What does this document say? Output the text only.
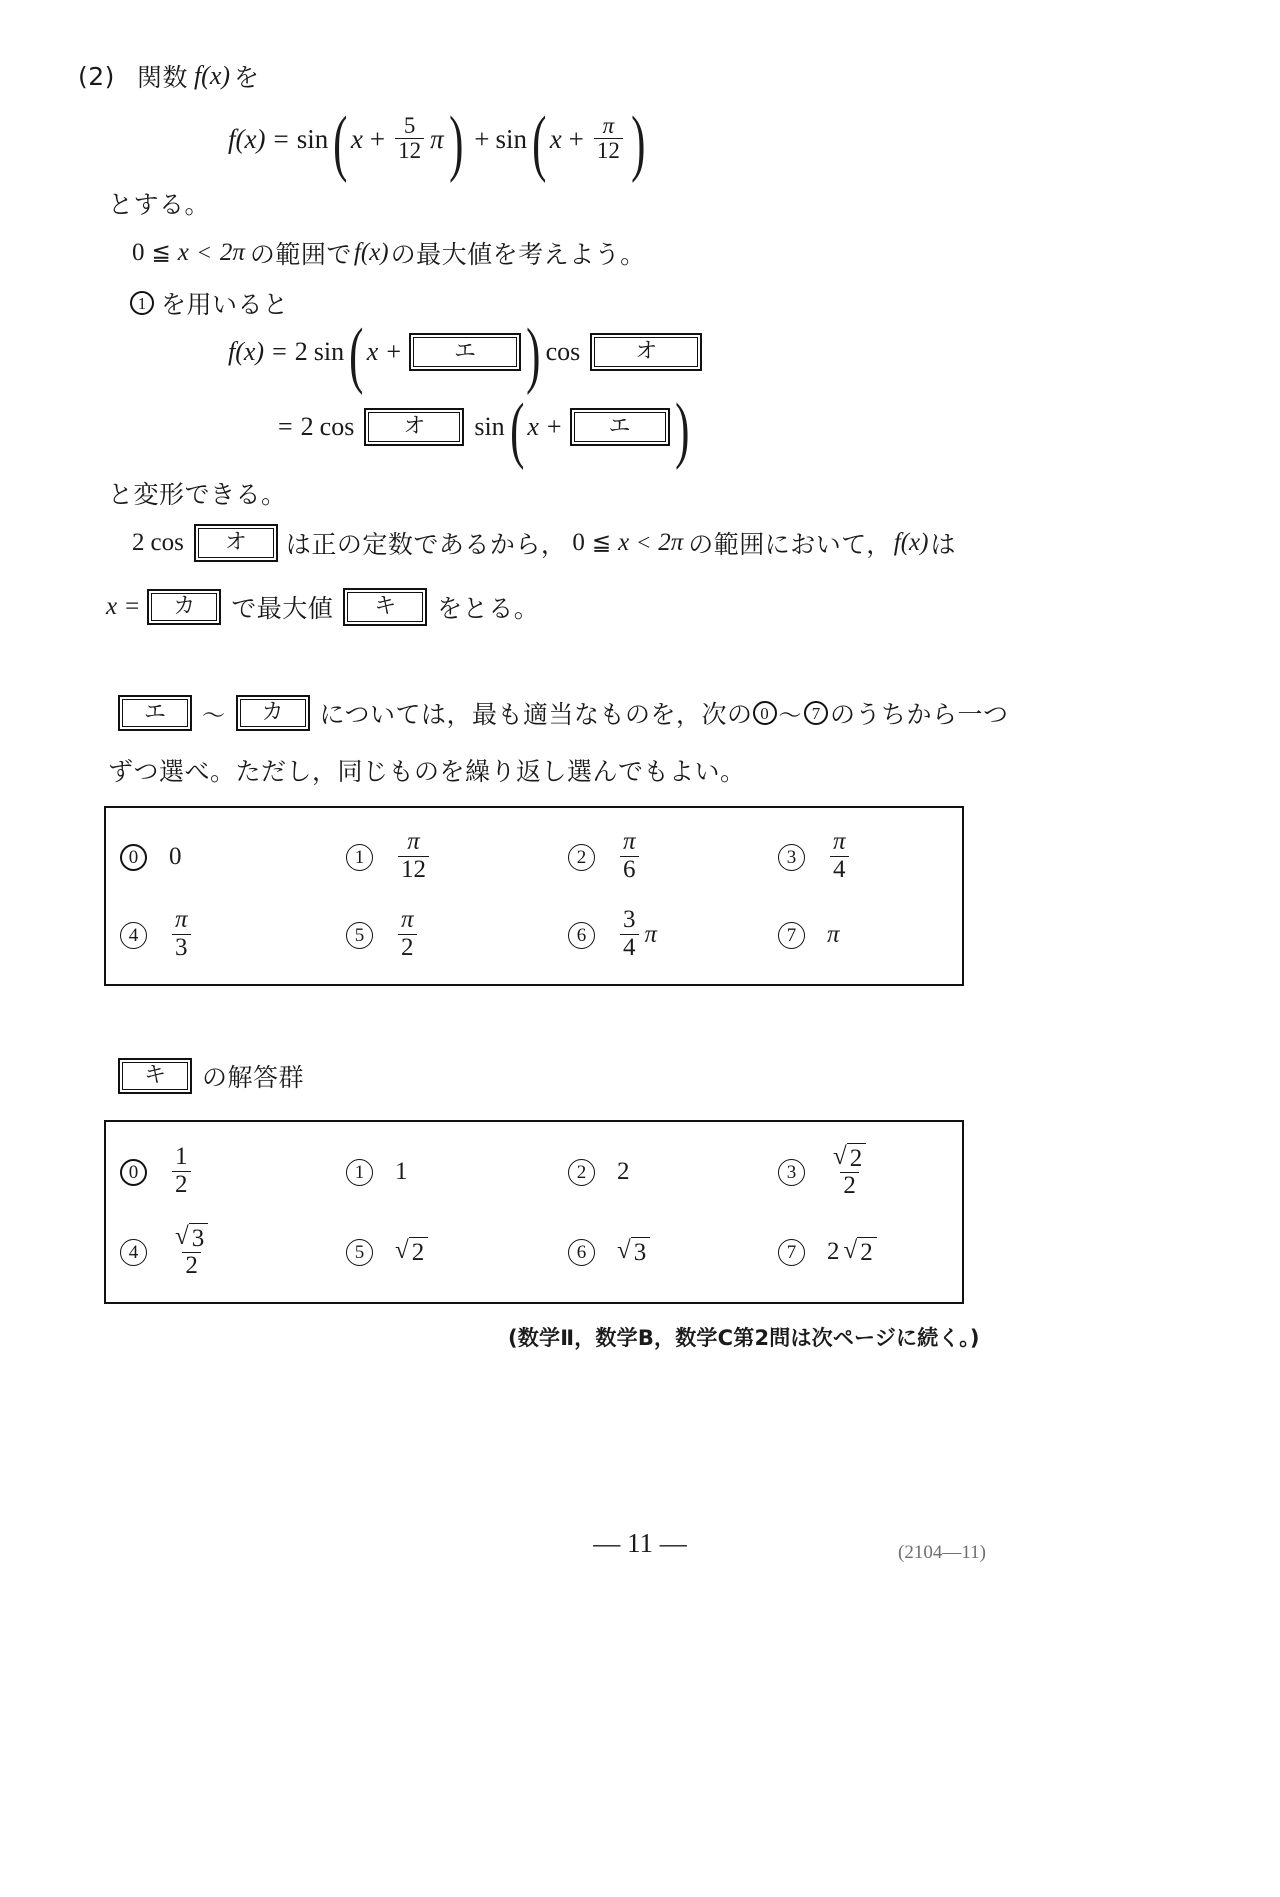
(2) 関数 f(x) を
f(x) = sin ( $x + \frac{5}{12}$ π ) + sin ( $x + \frac{\pi}{12}$ )
とする。
0 ≦ x < 2π の範囲で f(x) の最大値を考えよう。
1 を用いると
f(x) = 2 sin ( x +	エ ) cos	オ
= 2 cos	オ	sin ( x +	エ )
と変形できる。
2 cos	オ	は正の定数であるから， 0 ≦ x < 2π の範囲において， f(x) は
x =	カ	で最大値	キ	をとる。
エ	〜	カ	については，最も適当なものを，次の 0 〜 7 のうちから一つ
ずつ選べ。ただし，同じものを繰り返し選んでもよい。
0	0	1	$\frac{\pi}{12}$	2	$\frac{\pi}{6}$	3	$\frac{\pi}{4}$
4	$\frac{\pi}{3}$	5	$\frac{\pi}{2}$	6	$\frac{3}{4}$ π	7	π
キ	の解答群
0	$\frac{1}{2}$	1	1	2	2	3	$\frac{√ 2}{2}$
4	$\frac{√ 3}{2}$	5	√ 2	6	√ 3	7	2 √ 2
(数学Ⅱ，数学B，数学C第2問は次ページに続く。)
— 11 —	(2104—11)
